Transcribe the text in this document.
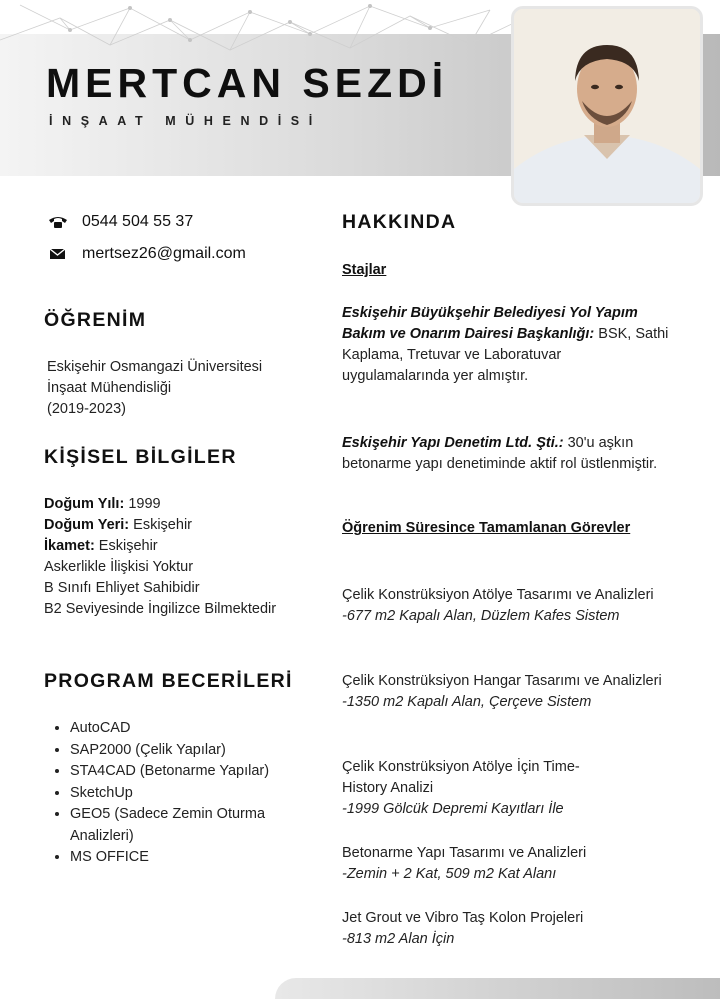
MERTCAN SEZDİ
İNŞAAT MÜHENDİSİ
0544 504 55 37
mertsez26@gmail.com
ÖĞRENİM
Eskişehir Osmangazi Üniversitesi
İnşaat Mühendisliği
(2019-2023)
KİŞİSEL BİLGİLER
Doğum Yılı: 1999
Doğum Yeri: Eskişehir
İkamet: Eskişehir
Askerlikle İlişkisi Yoktur
B Sınıfı Ehliyet Sahibidir
B2 Seviyesinde İngilizce Bilmektedir
PROGRAM BECERİLERİ
• AutoCAD
• SAP2000 (Çelik Yapılar)
• STA4CAD (Betonarme Yapılar)
• SketchUp
• GEO5 (Sadece Zemin Oturma Analizleri)
• MS OFFICE
HAKKINDA
Stajlar
Eskişehir Büyükşehir Belediyesi Yol Yapım Bakım ve Onarım Dairesi Başkanlığı: BSK, Sathi Kaplama, Tretuvar ve Laboratuvar uygulamalarında yer almıştır.
Eskişehir Yapı Denetim Ltd. Şti.: 30'u aşkın betonarme yapı denetiminde aktif rol üstlenmiştir.
Öğrenim Süresince Tamamlanan Görevler
Çelik Konstrüksiyon Atölye Tasarımı ve Analizleri
-677 m2 Kapalı Alan, Düzlem Kafes Sistem
Çelik Konstrüksiyon Hangar Tasarımı ve Analizleri
-1350 m2 Kapalı Alan, Çerçeve Sistem
Çelik Konstrüksiyon Atölye İçin Time-History Analizi
-1999 Gölcük Depremi Kayıtları İle
Betonarme Yapı Tasarımı ve Analizleri
-Zemin + 2 Kat, 509 m2 Kat Alanı
Jet Grout ve Vibro Taş Kolon Projeleri
-813 m2 Alan İçin
